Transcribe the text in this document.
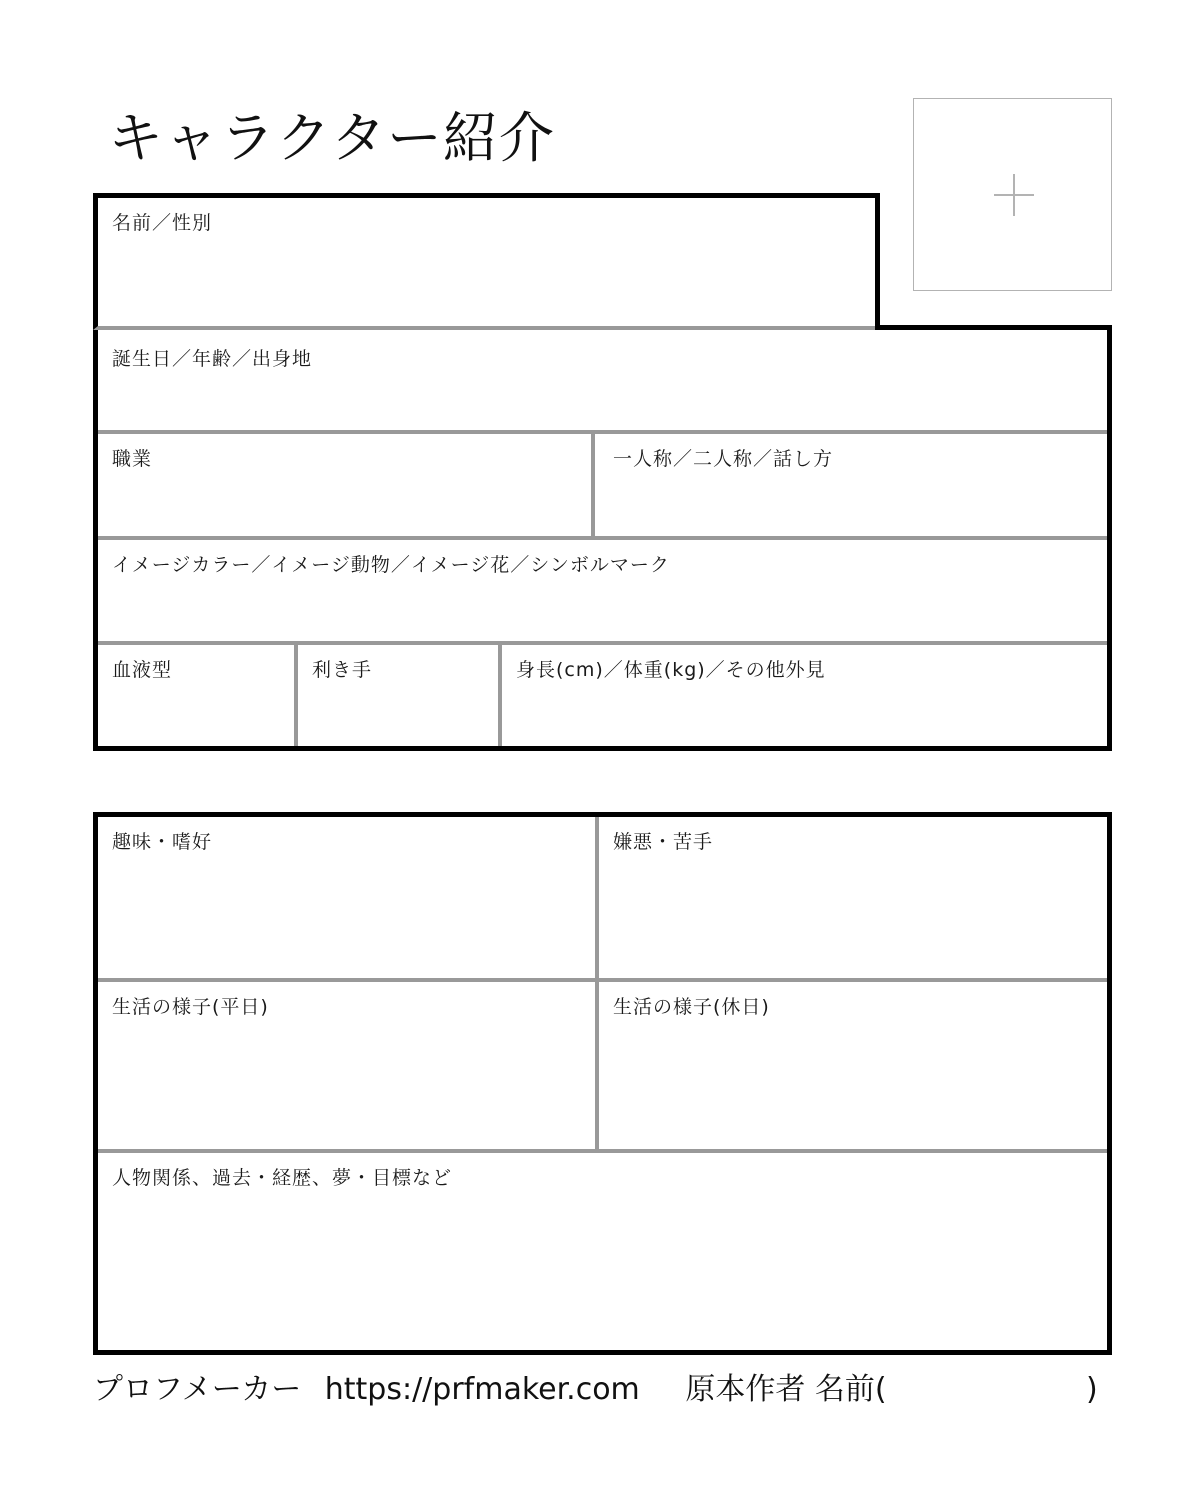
キャラクター紹介
名前／性別
誕生日／年齢／出身地
職業	一人称／二人称／話し方
イメージカラー／イメージ動物／イメージ花／シンボルマーク
血液型	利き手	身長(cm)／体重(kg)／その他外見
趣味・嗜好	嫌悪・苦手
生活の様子(平日)	生活の様子(休日)
人物関係、過去・経歴、夢・目標など
プロフメーカー https://prfmaker.com 原本作者 名前(	)
